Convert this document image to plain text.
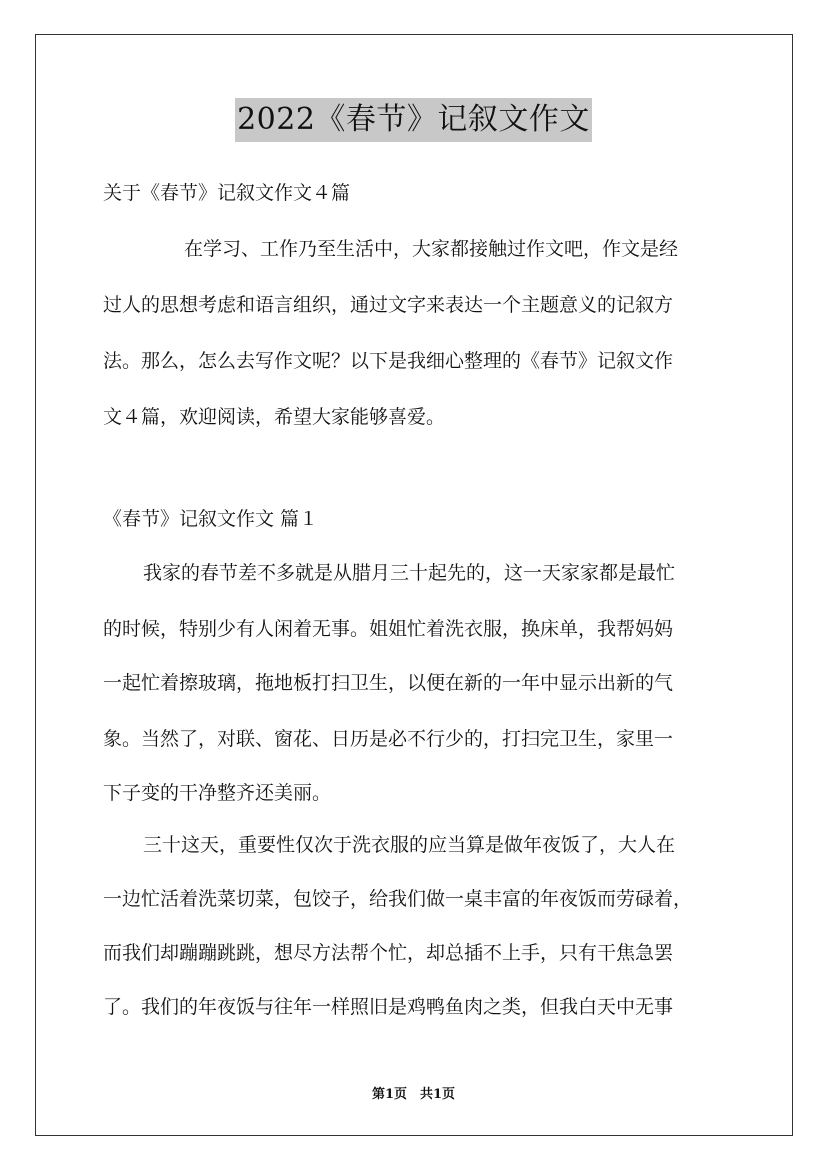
2022《春节》记叙文作文
关于《春节》记叙文作文４篇
在学习、工作乃至生活中，大家都接触过作文吧，作文是经
过人的思想考虑和语言组织，通过文字来表达一个主题意义的记叙方
法。那么，怎么去写作文呢？以下是我细心整理的《春节》记叙文作
文４篇，欢迎阅读，希望大家能够喜爱。
《春节》记叙文作文 篇１
我家的春节差不多就是从腊月三十起先的，这一天家家都是最忙
的时候，特别少有人闲着无事。姐姐忙着洗衣服，换床单，我帮妈妈
一起忙着擦玻璃，拖地板打扫卫生，以便在新的一年中显示出新的气
象。当然了，对联、窗花、日历是必不行少的，打扫完卫生，家里一
下子变的干净整齐还美丽。
三十这天，重要性仅次于洗衣服的应当算是做年夜饭了，大人在
一边忙活着洗菜切菜，包饺子，给我们做一桌丰富的年夜饭而劳碌着，
而我们却蹦蹦跳跳，想尽方法帮个忙，却总插不上手，只有干焦急罢
了。我们的年夜饭与往年一样照旧是鸡鸭鱼肉之类，但我白天中无事
第1页　共1页
